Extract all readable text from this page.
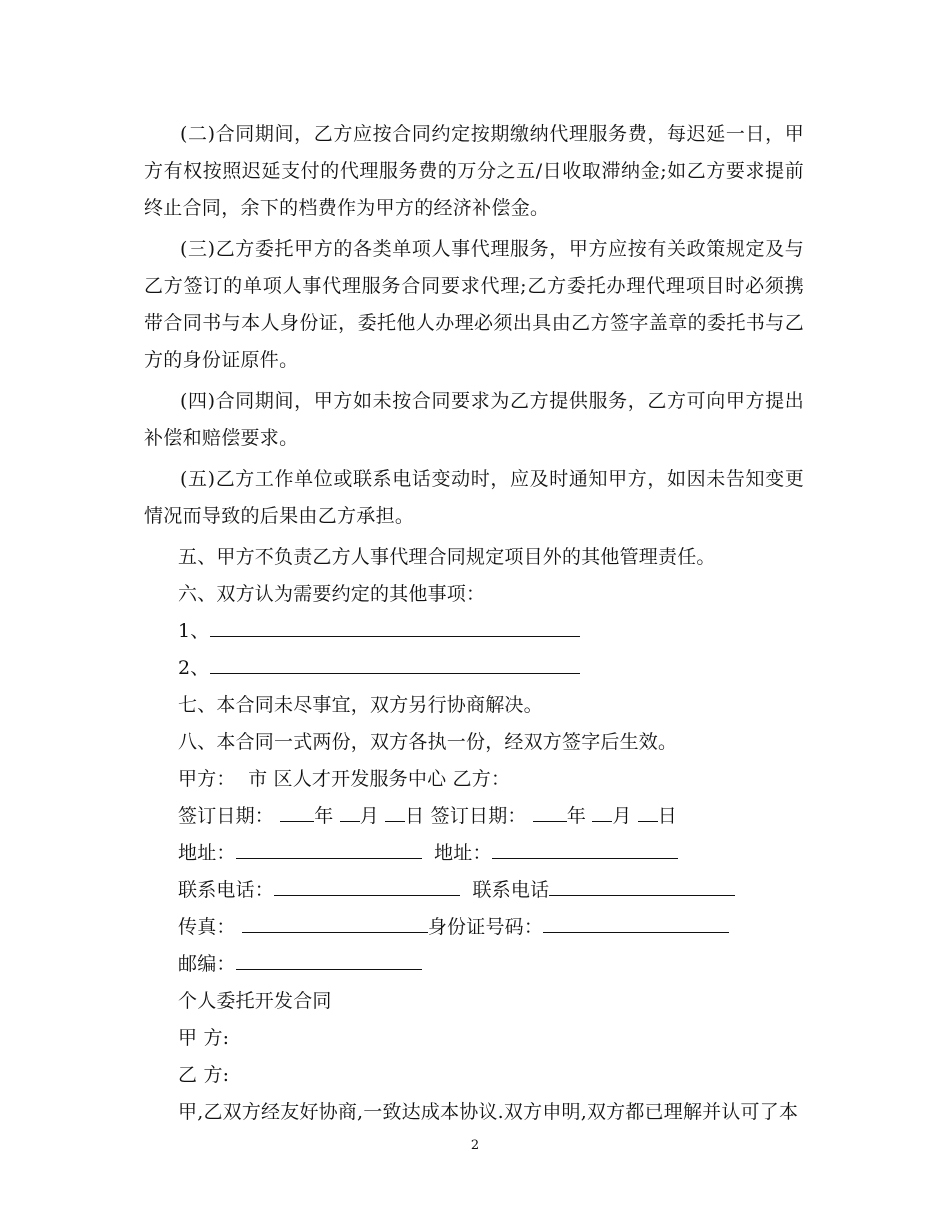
(二)合同期间，乙方应按合同约定按期缴纳代理服务费，每迟延一日，甲方有权按照迟延支付的代理服务费的万分之五/日收取滞纳金;如乙方要求提前终止合同，余下的档费作为甲方的经济补偿金。

(三)乙方委托甲方的各类单项人事代理服务，甲方应按有关政策规定及与乙方签订的单项人事代理服务合同要求代理;乙方委托办理代理项目时必须携带合同书与本人身份证，委托他人办理必须出具由乙方签字盖章的委托书与乙方的身份证原件。

(四)合同期间，甲方如未按合同要求为乙方提供服务，乙方可向甲方提出补偿和赔偿要求。

(五)乙方工作单位或联系电话变动时，应及时通知甲方，如因未告知变更情况而导致的后果由乙方承担。

五、甲方不负责乙方人事代理合同规定项目外的其他管理责任。

六、双方认为需要约定的其他事项：

1、

2、

七、本合同未尽事宜，双方另行协商解决。

八、本合同一式两份，双方各执一份，经双方签字后生效。

甲方：  市 区人才开发服务中心 乙方：

签订日期： 年 月 日 签订日期： 年 月 日

地址：	地址：

联系电话：	联系电话

传真：	身份证号码：

邮编：

个人委托开发合同

甲 方:

乙 方:

甲,乙双方经友好协商,一致达成本协议.双方申明,双方都已理解并认可了本

2
